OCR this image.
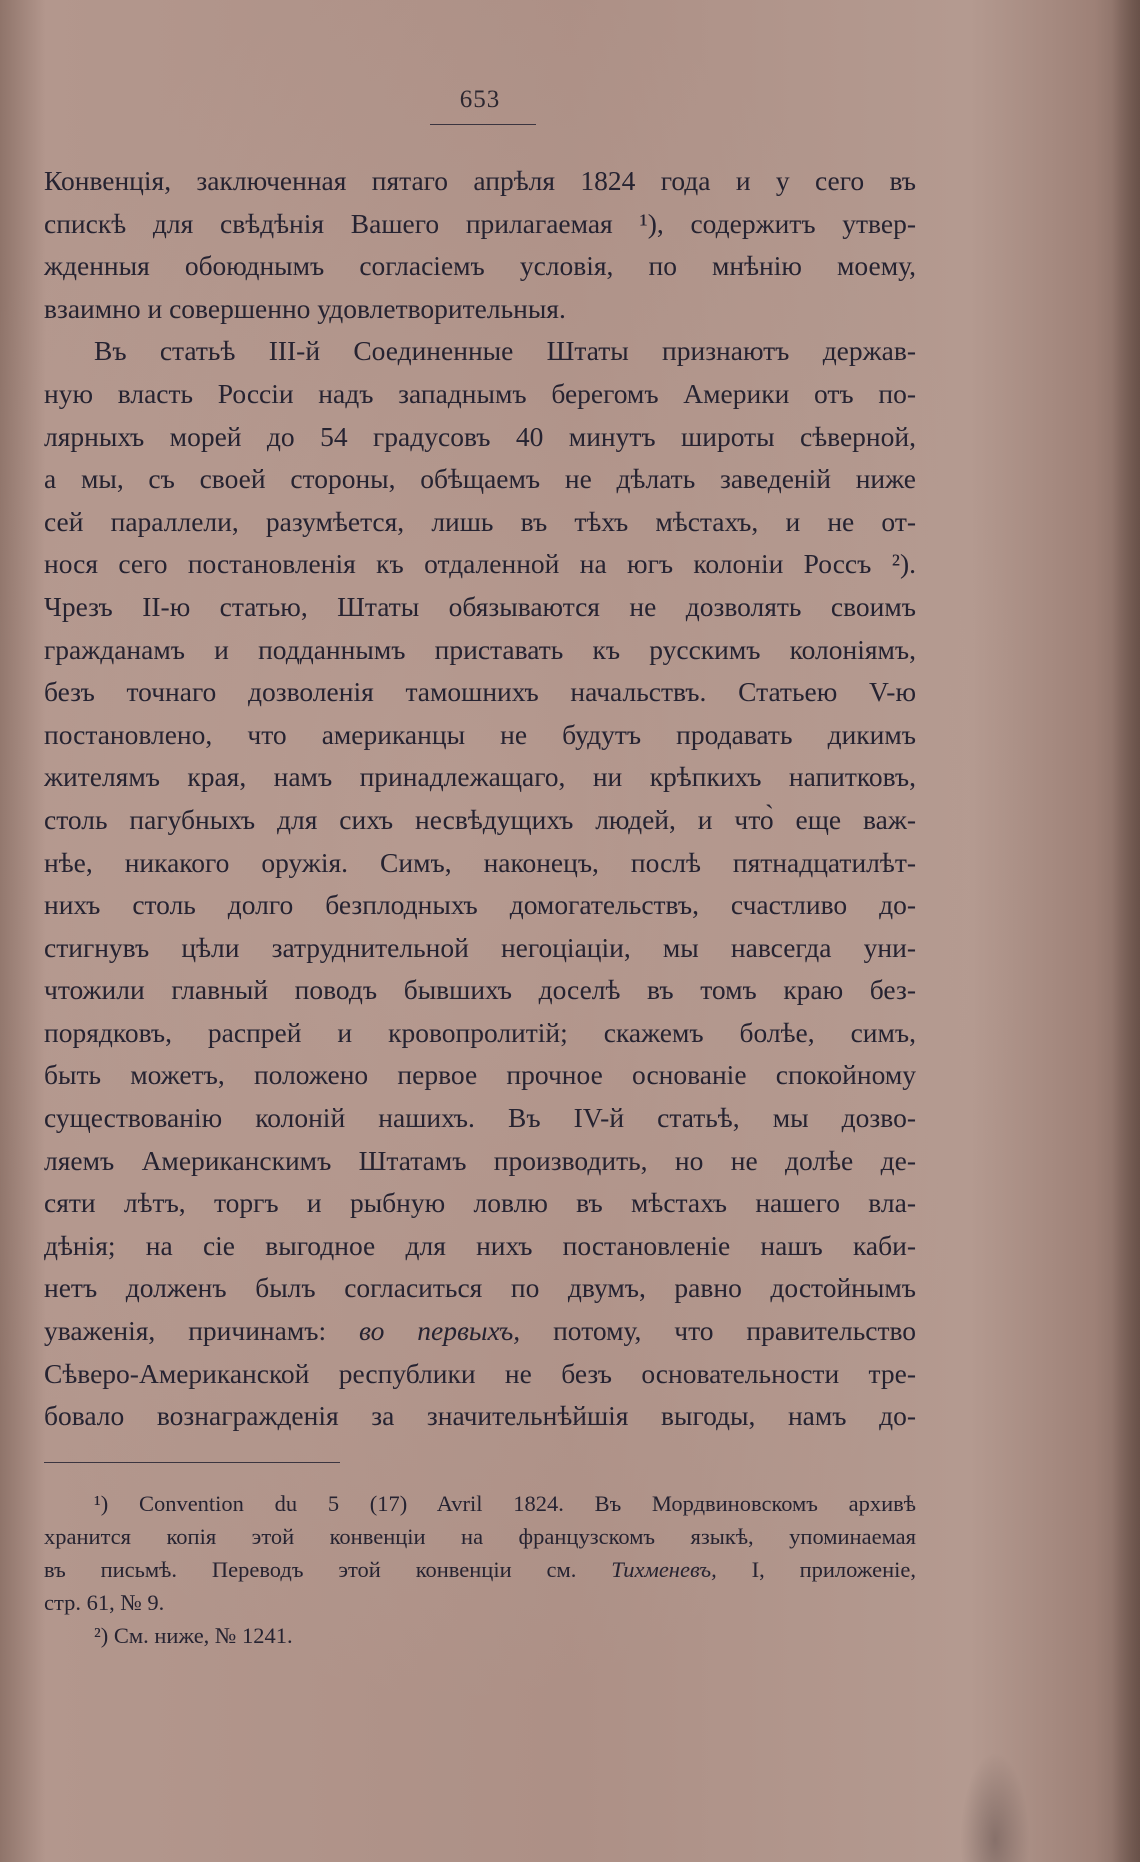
653
Конвенція, заключенная пятаго апрѣля 1824 года и у сего въ
спискѣ для свѣдѣнія Вашего прилагаемая ¹), содержитъ утвер-
жденныя обоюднымъ согласіемъ условія, по мнѣнію моему,
взаимно и совершенно удовлетворительныя.
Въ статьѣ III-й Соединенные Штаты признаютъ держав-
ную власть Россіи надъ западнымъ берегомъ Америки отъ по-
лярныхъ морей до 54 градусовъ 40 минутъ широты сѣверной,
а мы, съ своей стороны, обѣщаемъ не дѣлать заведеній ниже
сей параллели, разумѣется, лишь въ тѣхъ мѣстахъ, и не от-
нося сего постановленія къ отдаленной на югъ колоніи Россъ ²).
Чрезъ II-ю статью, Штаты обязываются не дозволять своимъ
гражданамъ и подданнымъ приставать къ русскимъ колоніямъ,
безъ точнаго дозволенія тамошнихъ начальствъ. Статьею V-ю
постановлено, что американцы не будутъ продавать дикимъ
жителямъ края, намъ принадлежащаго, ни крѣпкихъ напитковъ,
столь пагубныхъ для сихъ несвѣдущихъ людей, и что̀ еще важ-
нѣе, никакого оружія. Симъ, наконецъ, послѣ пятнадцатилѣт-
нихъ столь долго безплодныхъ домогательствъ, счастливо до-
стигнувъ цѣли затруднительной негоціаціи, мы навсегда уни-
чтожили главный поводъ бывшихъ доселѣ въ томъ краю без-
порядковъ, распрей и кровопролитій; скажемъ болѣе, симъ,
быть можетъ, положено первое прочное основаніе спокойному
существованію колоній нашихъ. Въ IV-й статьѣ, мы дозво-
ляемъ Американскимъ Штатамъ производить, но не долѣе де-
сяти лѣтъ, торгъ и рыбную ловлю въ мѣстахъ нашего вла-
дѣнія; на сіе выгодное для нихъ постановленіе нашъ каби-
нетъ долженъ былъ согласиться по двумъ, равно достойнымъ
уваженія, причинамъ: во первыхъ, потому, что правительство
Сѣверо-Американской республики не безъ основательности тре-
бовало вознагражденія за значительнѣйшія выгоды, намъ до-
¹) Convention du 5 (17) Avril 1824. Въ Мордвиновскомъ архивѣ
хранится копія этой конвенціи на французскомъ языкѣ, упоминаемая
въ письмѣ. Переводъ этой конвенціи см. Тихменевъ, I, приложеніе,
стр. 61, № 9.
²) См. ниже, № 1241.
